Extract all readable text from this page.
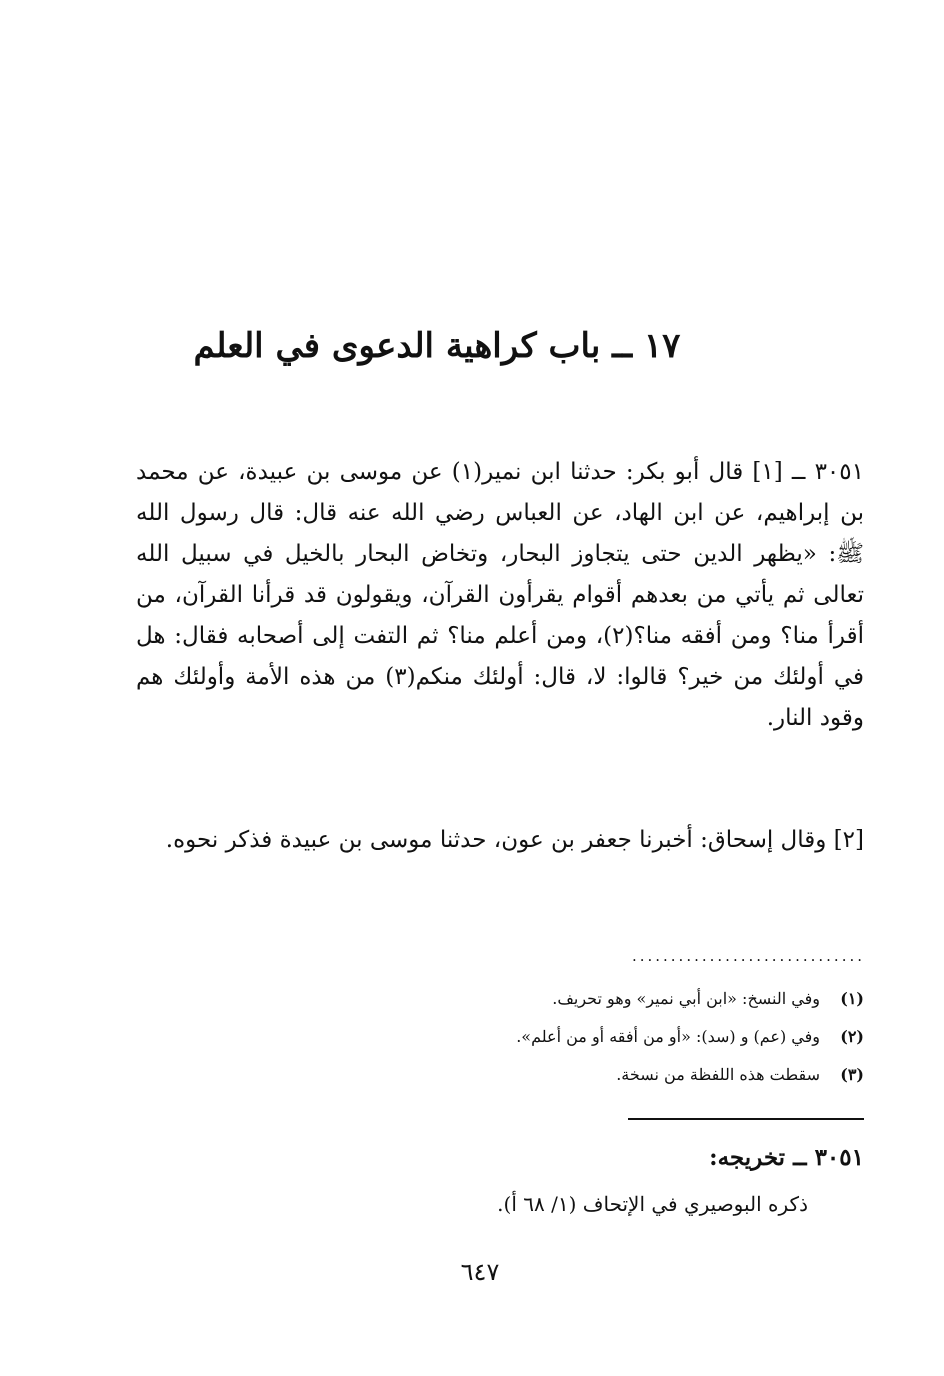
١٧ ــ باب كراهية الدعوى في العلم

٣٠٥١ ــ [١] قال أبو بكر: حدثنا ابن نمير(١) عن موسى بن عبيدة، عن محمد بن إبراهيم، عن ابن الهاد، عن العباس رضي الله عنه قال: قال رسول الله ﷺ: «يظهر الدين حتى يتجاوز البحار، وتخاض البحار بالخيل في سبيل الله تعالى ثم يأتي من بعدهم أقوام يقرأون القرآن، ويقولون قد قرأنا القرآن، من أقرأ منا؟ ومن أفقه منا؟(٢)، ومن أعلم منا؟ ثم التفت إلى أصحابه فقال: هل في أولئك من خير؟ قالوا: لا، قال: أولئك منكم(٣) من هذه الأمة وأولئك هم وقود النار.

[٢] وقال إسحاق: أخبرنا جعفر بن عون، حدثنا موسى بن عبيدة فذكر نحوه.

..............................
(١)وفي النسخ: «ابن أبي نمير» وهو تحريف.
(٢)وفي (عم) و (سد): «أو من أفقه أو من أعلم».
(٣)سقطت هذه اللفظة من نسخة.
٣٠٥١ ــ تخريجه:
ذكره البوصيري في الإتحاف (١/ ٦٨ أ).
٦٤٧
